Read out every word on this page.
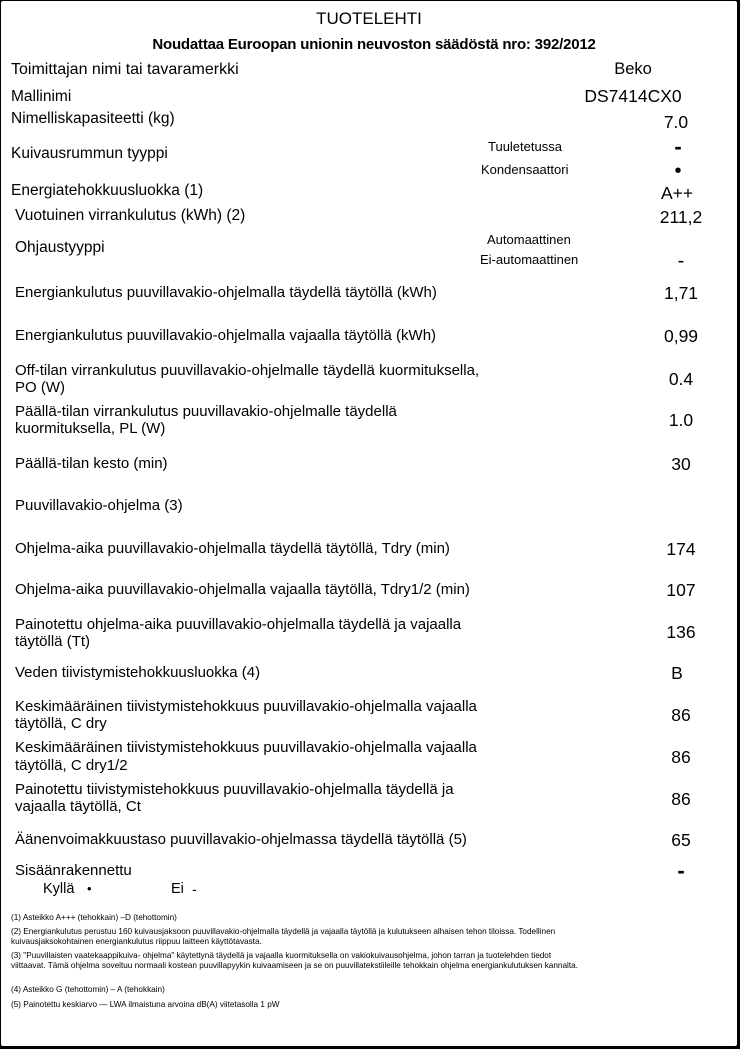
TUOTELEHTI
Noudattaa Euroopan unionin neuvoston säädöstä nro: 392/2012
Toimittajan nimi tai tavaramerkki	Beko
Mallinimi	DS7414CX0
Nimelliskapasiteetti (kg)	7.0
Kuivausrummun tyyppi	Tuuletetussa	-
Kondensaattori	•
Energiatehokkuusluokka (1)	A++
Vuotuinen virrankulutus (kWh) (2)	211,2
Ohjaustyyppi	Automaattinen
Ei-automaattinen	-
Energiankulutus puuvillavakio-ohjelmalla täydellä täytöllä (kWh)	1,71
Energiankulutus puuvillavakio-ohjelmalla vajaalla täytöllä (kWh)	0,99
Off-tilan virrankulutus puuvillavakio-ohjelmalle täydellä kuormituksella,
PO (W)	0.4
Päällä-tilan virrankulutus puuvillavakio-ohjelmalle täydellä
kuormituksella, PL (W)	1.0
Päällä-tilan kesto (min)	30
Puuvillavakio-ohjelma (3)
Ohjelma-aika puuvillavakio-ohjelmalla täydellä täytöllä, Tdry (min)	174
Ohjelma-aika puuvillavakio-ohjelmalla vajaalla täytöllä, Tdry1/2 (min)	107
Painotettu ohjelma-aika puuvillavakio-ohjelmalla täydellä ja vajaalla
täytöllä (Tt)	136
Veden tiivistymistehokkuusluokka (4)	B
Keskimääräinen tiivistymistehokkuus puuvillavakio-ohjelmalla vajaalla
täytöllä, C dry	86
Keskimääräinen tiivistymistehokkuus puuvillavakio-ohjelmalla vajaalla
täytöllä, C dry1/2	86
Painotettu tiivistymistehokkuus puuvillavakio-ohjelmalla täydellä ja
vajaalla täytöllä, Ct	86
Äänenvoimakkuustaso puuvillavakio-ohjelmassa täydellä täytöllä (5)	65
Sisäänrakennettu	-
Kyllä •	Ei -
(1) Asteikko A+++ (tehokkain) –D (tehottomin)
(2) Energiankulutus perustuu 160 kuivausjaksoon puuvillavakio-ohjelmalla täydellä ja vajaalla täytöllä ja kulutukseen alhaisen tehon tiloissa. Todellinen kuivausjaksokohtainen energiankulutus riippuu laitteen käyttötavasta.
(3) "Puuvillaisten vaatekaappikuiva- ohjelma" käytettynä täydellä ja vajaalla kuormituksella on vakiokuivausohjelma, johon tarran ja tuotelehden tiedot viittaavat. Tämä ohjelma soveltuu normaali kostean puuvillapyykin kuivaamiseen ja se on puuvillatekstiileille tehokkain ohjelma energiankulutuksen kannalta.
(4) Asteikko G (tehottomin) – A (tehokkain)
(5) Painotettu keskiarvo — LWA ilmaistuna arvoina dB(A) viitetasolla 1 pW
